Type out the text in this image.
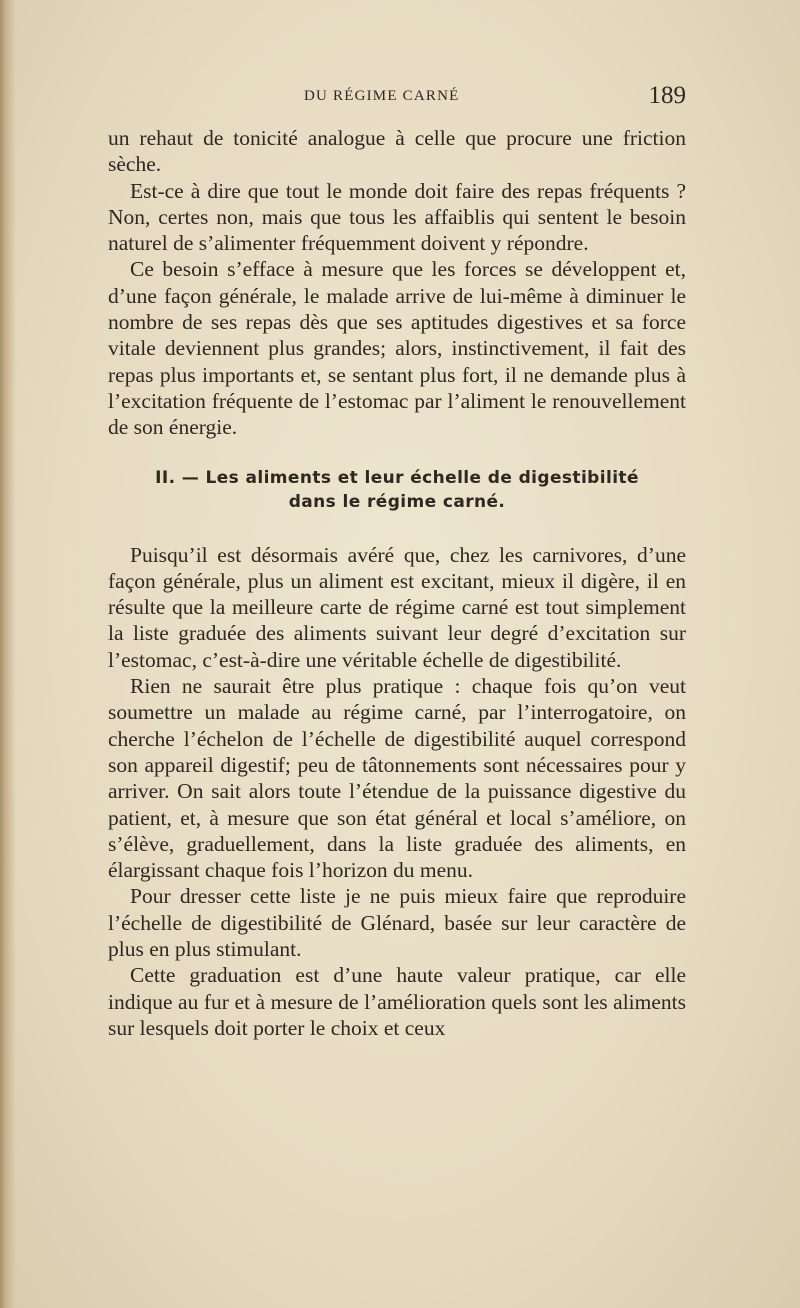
DU RÉGIME CARNÉ	189

un rehaut de tonicité analogue à celle que procure une friction sèche.

Est-ce à dire que tout le monde doit faire des repas fréquents ? Non, certes non, mais que tous les affaiblis qui sentent le besoin naturel de s’alimenter fréquemment doivent y répondre.

Ce besoin s’efface à mesure que les forces se développent et, d’une façon générale, le malade arrive de lui-même à diminuer le nombre de ses repas dès que ses aptitudes digestives et sa force vitale deviennent plus grandes; alors, instinctivement, il fait des repas plus importants et, se sentant plus fort, il ne demande plus à l’excitation fréquente de l’estomac par l’aliment le renouvellement de son énergie.

II. — Les aliments et leur échelle de digestibilité
dans le régime carné.

Puisqu’il est désormais avéré que, chez les carnivores, d’une façon générale, plus un aliment est excitant, mieux il digère, il en résulte que la meilleure carte de régime carné est tout simplement la liste graduée des aliments suivant leur degré d’excitation sur l’estomac, c’est-à-dire une véritable échelle de digestibilité.

Rien ne saurait être plus pratique : chaque fois qu’on veut soumettre un malade au régime carné, par l’interrogatoire, on cherche l’échelon de l’échelle de digestibilité auquel correspond son appareil digestif; peu de tâtonnements sont nécessaires pour y arriver. On sait alors toute l’étendue de la puissance digestive du patient, et, à mesure que son état général et local s’améliore, on s’élève, graduellement, dans la liste graduée des aliments, en élargissant chaque fois l’horizon du menu.

Pour dresser cette liste je ne puis mieux faire que reproduire l’échelle de digestibilité de Glénard, basée sur leur caractère de plus en plus stimulant.

Cette graduation est d’une haute valeur pratique, car elle indique au fur et à mesure de l’amélioration quels sont les aliments sur lesquels doit porter le choix et ceux
